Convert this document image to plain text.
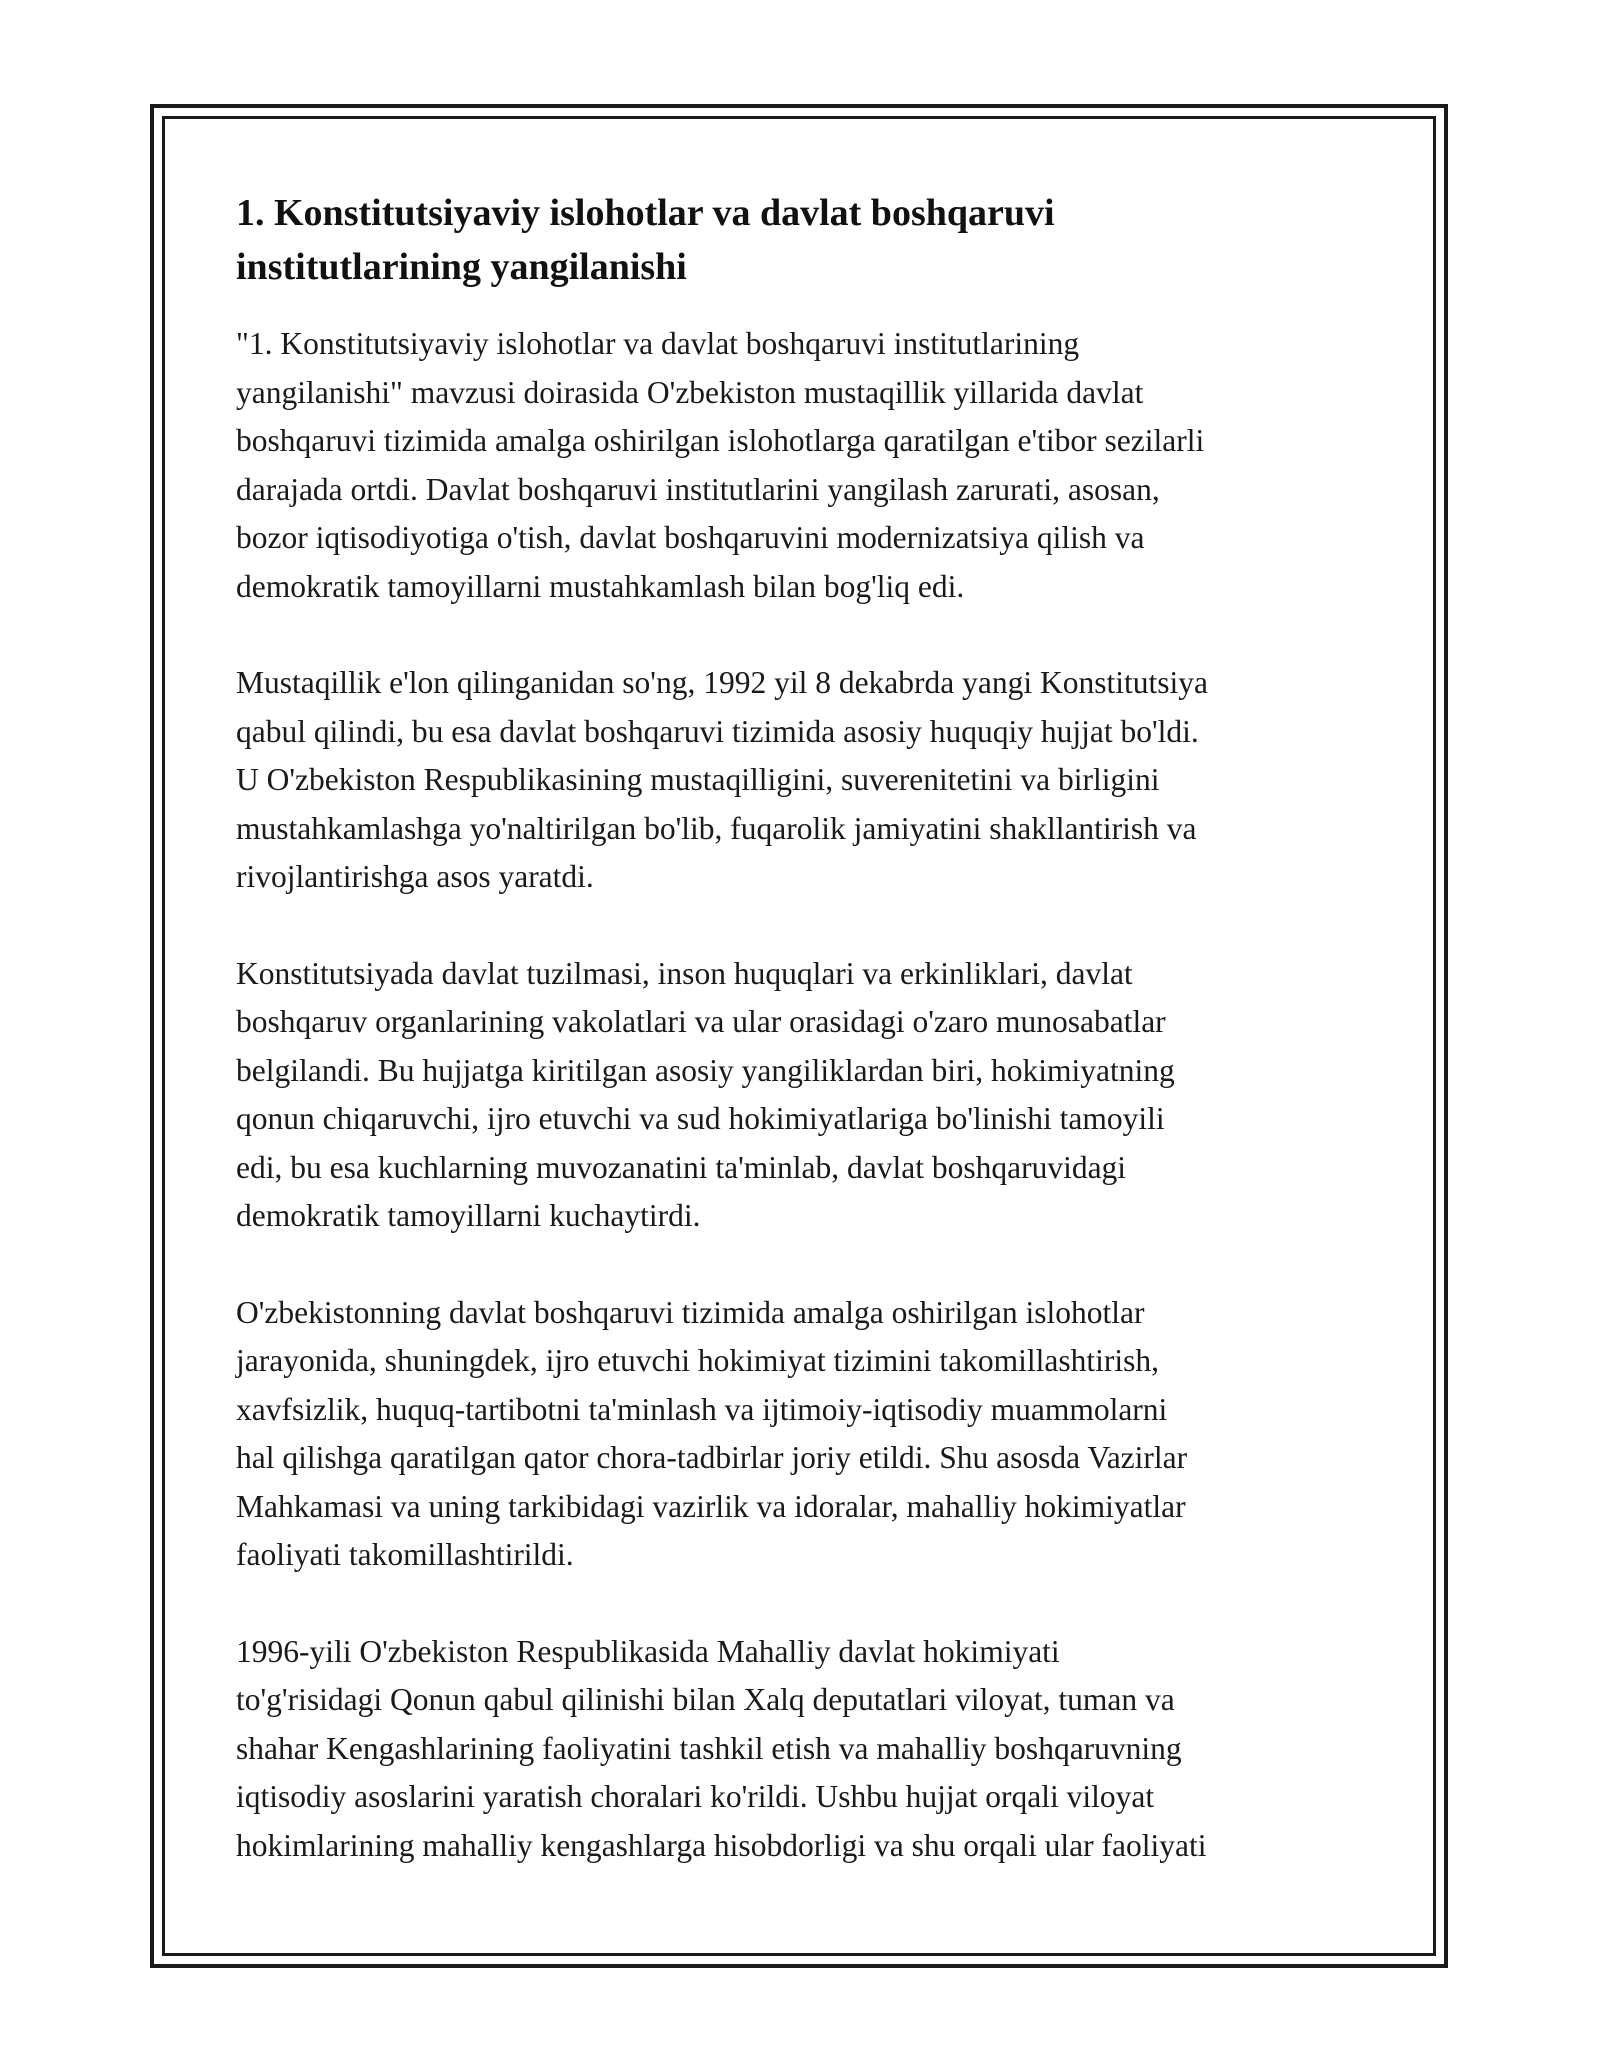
1. Konstitutsiyaviy islohotlar va davlat boshqaruvi
institutlarining yangilanishi

"1. Konstitutsiyaviy islohotlar va davlat boshqaruvi institutlarining
yangilanishi" mavzusi doirasida O'zbekiston mustaqillik yillarida davlat
boshqaruvi tizimida amalga oshirilgan islohotlarga qaratilgan e'tibor sezilarli
darajada ortdi. Davlat boshqaruvi institutlarini yangilash zarurati, asosan,
bozor iqtisodiyotiga o'tish, davlat boshqaruvini modernizatsiya qilish va
demokratik tamoyillarni mustahkamlash bilan bog'liq edi.

Mustaqillik e'lon qilinganidan so'ng, 1992 yil 8 dekabrda yangi Konstitutsiya
qabul qilindi, bu esa davlat boshqaruvi tizimida asosiy huquqiy hujjat bo'ldi.
U O'zbekiston Respublikasining mustaqilligini, suverenitetini va birligini
mustahkamlashga yo'naltirilgan bo'lib, fuqarolik jamiyatini shakllantirish va
rivojlantirishga asos yaratdi.

Konstitutsiyada davlat tuzilmasi, inson huquqlari va erkinliklari, davlat
boshqaruv organlarining vakolatlari va ular orasidagi o'zaro munosabatlar
belgilandi. Bu hujjatga kiritilgan asosiy yangiliklardan biri, hokimiyatning
qonun chiqaruvchi, ijro etuvchi va sud hokimiyatlariga bo'linishi tamoyili
edi, bu esa kuchlarning muvozanatini ta'minlab, davlat boshqaruvidagi
demokratik tamoyillarni kuchaytirdi.

O'zbekistonning davlat boshqaruvi tizimida amalga oshirilgan islohotlar
jarayonida, shuningdek, ijro etuvchi hokimiyat tizimini takomillashtirish,
xavfsizlik, huquq-tartibotni ta'minlash va ijtimoiy-iqtisodiy muammolarni
hal qilishga qaratilgan qator chora-tadbirlar joriy etildi. Shu asosda Vazirlar
Mahkamasi va uning tarkibidagi vazirlik va idoralar, mahalliy hokimiyatlar
faoliyati takomillashtirildi.

1996-yili O'zbekiston Respublikasida Mahalliy davlat hokimiyati
to'g'risidagi Qonun qabul qilinishi bilan Xalq deputatlari viloyat, tuman va
shahar Kengashlarining faoliyatini tashkil etish va mahalliy boshqaruvning
iqtisodiy asoslarini yaratish choralari ko'rildi. Ushbu hujjat orqali viloyat
hokimlarining mahalliy kengashlarga hisobdorligi va shu orqali ular faoliyati
